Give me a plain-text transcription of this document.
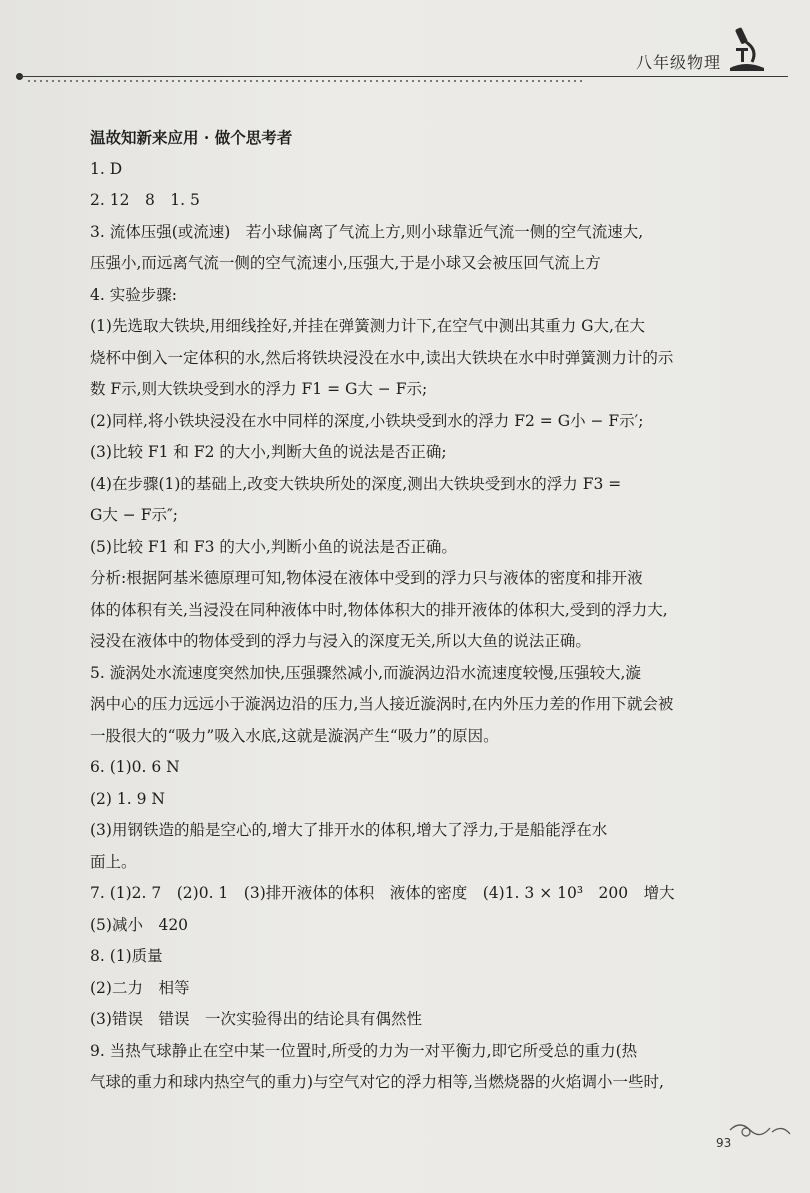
八年级物理

温故知新来应用 · 做个思考者

1. D

2. 12　8　1. 5

3. 流体压强(或流速)　若小球偏离了气流上方,则小球靠近气流一侧的空气流速大,

压强小,而远离气流一侧的空气流速小,压强大,于是小球又会被压回气流上方

4. 实验步骤:

(1)先选取大铁块,用细线拴好,并挂在弹簧测力计下,在空气中测出其重力 G大,在大

烧杯中倒入一定体积的水,然后将铁块浸没在水中,读出大铁块在水中时弹簧测力计的示

数 F示,则大铁块受到水的浮力 F1 = G大 − F示;

(2)同样,将小铁块浸没在水中同样的深度,小铁块受到水的浮力 F2 = G小 − F示′;

(3)比较 F1 和 F2 的大小,判断大鱼的说法是否正确;

(4)在步骤(1)的基础上,改变大铁块所处的深度,测出大铁块受到水的浮力 F3 =

G大 − F示″;

(5)比较 F1 和 F3 的大小,判断小鱼的说法是否正确。

分析:根据阿基米德原理可知,物体浸在液体中受到的浮力只与液体的密度和排开液

体的体积有关,当浸没在同种液体中时,物体体积大的排开液体的体积大,受到的浮力大,

浸没在液体中的物体受到的浮力与浸入的深度无关,所以大鱼的说法正确。

5. 漩涡处水流速度突然加快,压强骤然减小,而漩涡边沿水流速度较慢,压强较大,漩

涡中心的压力远远小于漩涡边沿的压力,当人接近漩涡时,在内外压力差的作用下就会被

一股很大的“吸力”吸入水底,这就是漩涡产生“吸力”的原因。

6. (1)0. 6 N

(2) 1. 9 N

(3)用钢铁造的船是空心的,增大了排开水的体积,增大了浮力,于是船能浮在水

面上。

7. (1)2. 7　(2)0. 1　(3)排开液体的体积　液体的密度　(4)1. 3 × 10³　200　增大

(5)减小　420

8. (1)质量

(2)二力　相等

(3)错误　错误　一次实验得出的结论具有偶然性

9. 当热气球静止在空中某一位置时,所受的力为一对平衡力,即它所受总的重力(热

气球的重力和球内热空气的重力)与空气对它的浮力相等,当燃烧器的火焰调小一些时,

93
